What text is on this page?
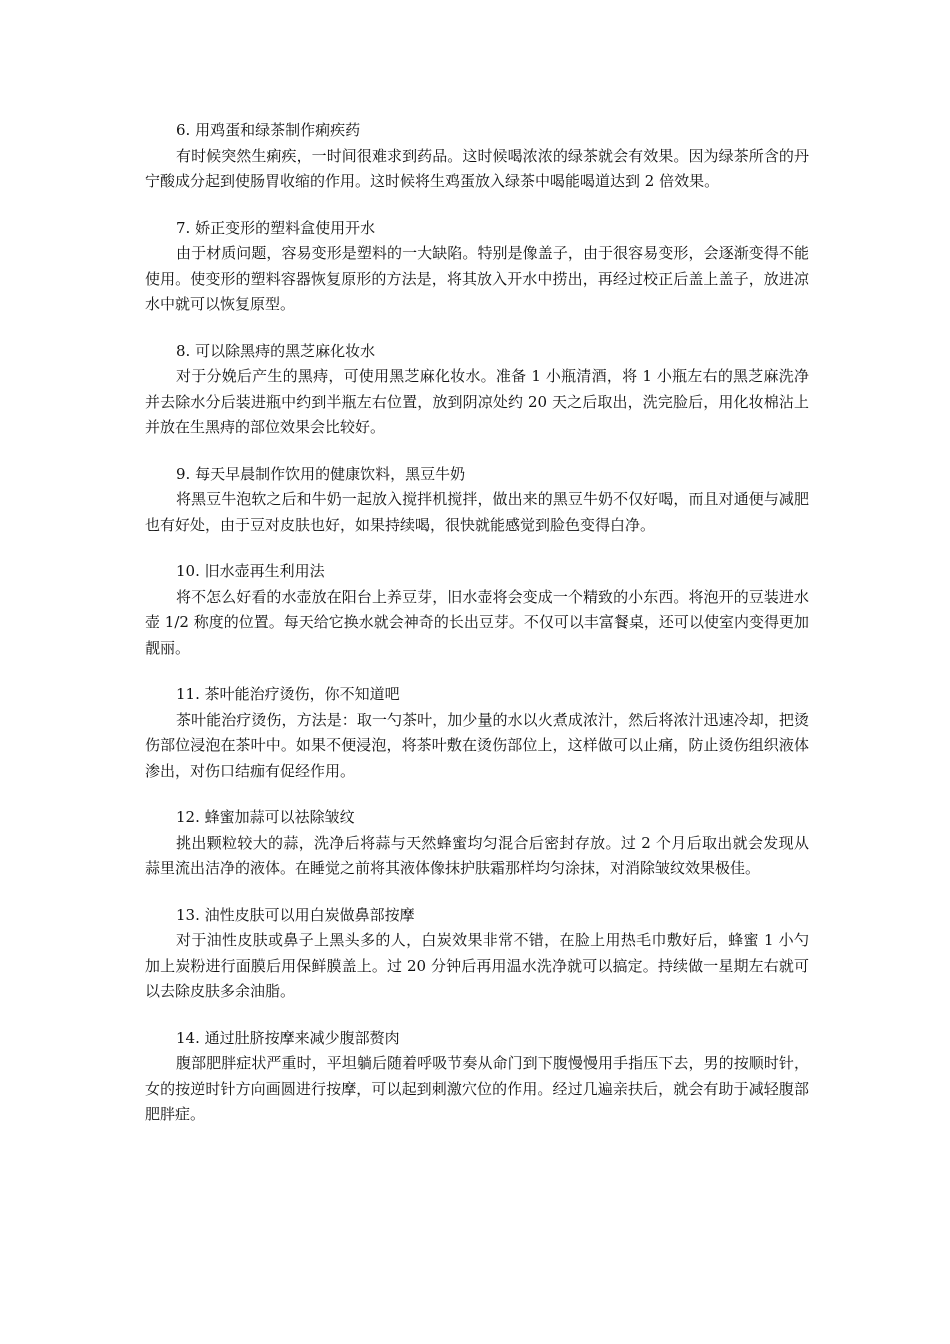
6. 用鸡蛋和绿茶制作痢疾药

有时候突然生痢疾，一时间很难求到药品。这时候喝浓浓的绿茶就会有效果。因为绿茶所含的丹宁酸成分起到使肠胃收缩的作用。这时候将生鸡蛋放入绿茶中喝能喝道达到 2 倍效果。

7. 娇正变形的塑料盒使用开水

由于材质问题，容易变形是塑料的一大缺陷。特别是像盖子，由于很容易变形，会逐渐变得不能使用。使变形的塑料容器恢复原形的方法是，将其放入开水中捞出，再经过校正后盖上盖子，放进凉水中就可以恢复原型。

8. 可以除黑痔的黑芝麻化妆水

对于分娩后产生的黑痔，可使用黑芝麻化妆水。准备 1 小瓶清酒，将 1 小瓶左右的黑芝麻洗净并去除水分后装进瓶中约到半瓶左右位置，放到阴凉处约 20 天之后取出，洗完脸后，用化妆棉沾上并放在生黑痔的部位效果会比较好。

9. 每天早晨制作饮用的健康饮料，黑豆牛奶

将黑豆牛泡软之后和牛奶一起放入搅拌机搅拌，做出来的黑豆牛奶不仅好喝，而且对通便与减肥也有好处，由于豆对皮肤也好，如果持续喝，很快就能感觉到脸色变得白净。

10. 旧水壶再生利用法

将不怎么好看的水壶放在阳台上养豆芽，旧水壶将会变成一个精致的小东西。将泡开的豆装进水壶 1/2 称度的位置。每天给它换水就会神奇的长出豆芽。不仅可以丰富餐桌，还可以使室内变得更加靓丽。

11. 茶叶能治疗烫伤，你不知道吧

茶叶能治疗烫伤，方法是：取一勺茶叶，加少量的水以火煮成浓汁，然后将浓汁迅速冷却，把烫伤部位浸泡在茶叶中。如果不便浸泡，将茶叶敷在烫伤部位上，这样做可以止痛，防止烫伤组织液体渗出，对伤口结痂有促经作用。

12. 蜂蜜加蒜可以祛除皱纹

挑出颗粒较大的蒜，洗净后将蒜与天然蜂蜜均匀混合后密封存放。过 2 个月后取出就会发现从蒜里流出洁净的液体。在睡觉之前将其液体像抹护肤霜那样均匀涂抹，对消除皱纹效果极佳。

13. 油性皮肤可以用白炭做鼻部按摩

对于油性皮肤或鼻子上黑头多的人，白炭效果非常不错，在脸上用热毛巾敷好后，蜂蜜 1 小勺加上炭粉进行面膜后用保鲜膜盖上。过 20 分钟后再用温水洗净就可以搞定。持续做一星期左右就可以去除皮肤多余油脂。

14. 通过肚脐按摩来减少腹部赘肉

腹部肥胖症状严重时，平坦躺后随着呼吸节奏从命门到下腹慢慢用手指压下去，男的按顺时针，女的按逆时针方向画圆进行按摩，可以起到刺激穴位的作用。经过几遍亲扶后，就会有助于减轻腹部肥胖症。
